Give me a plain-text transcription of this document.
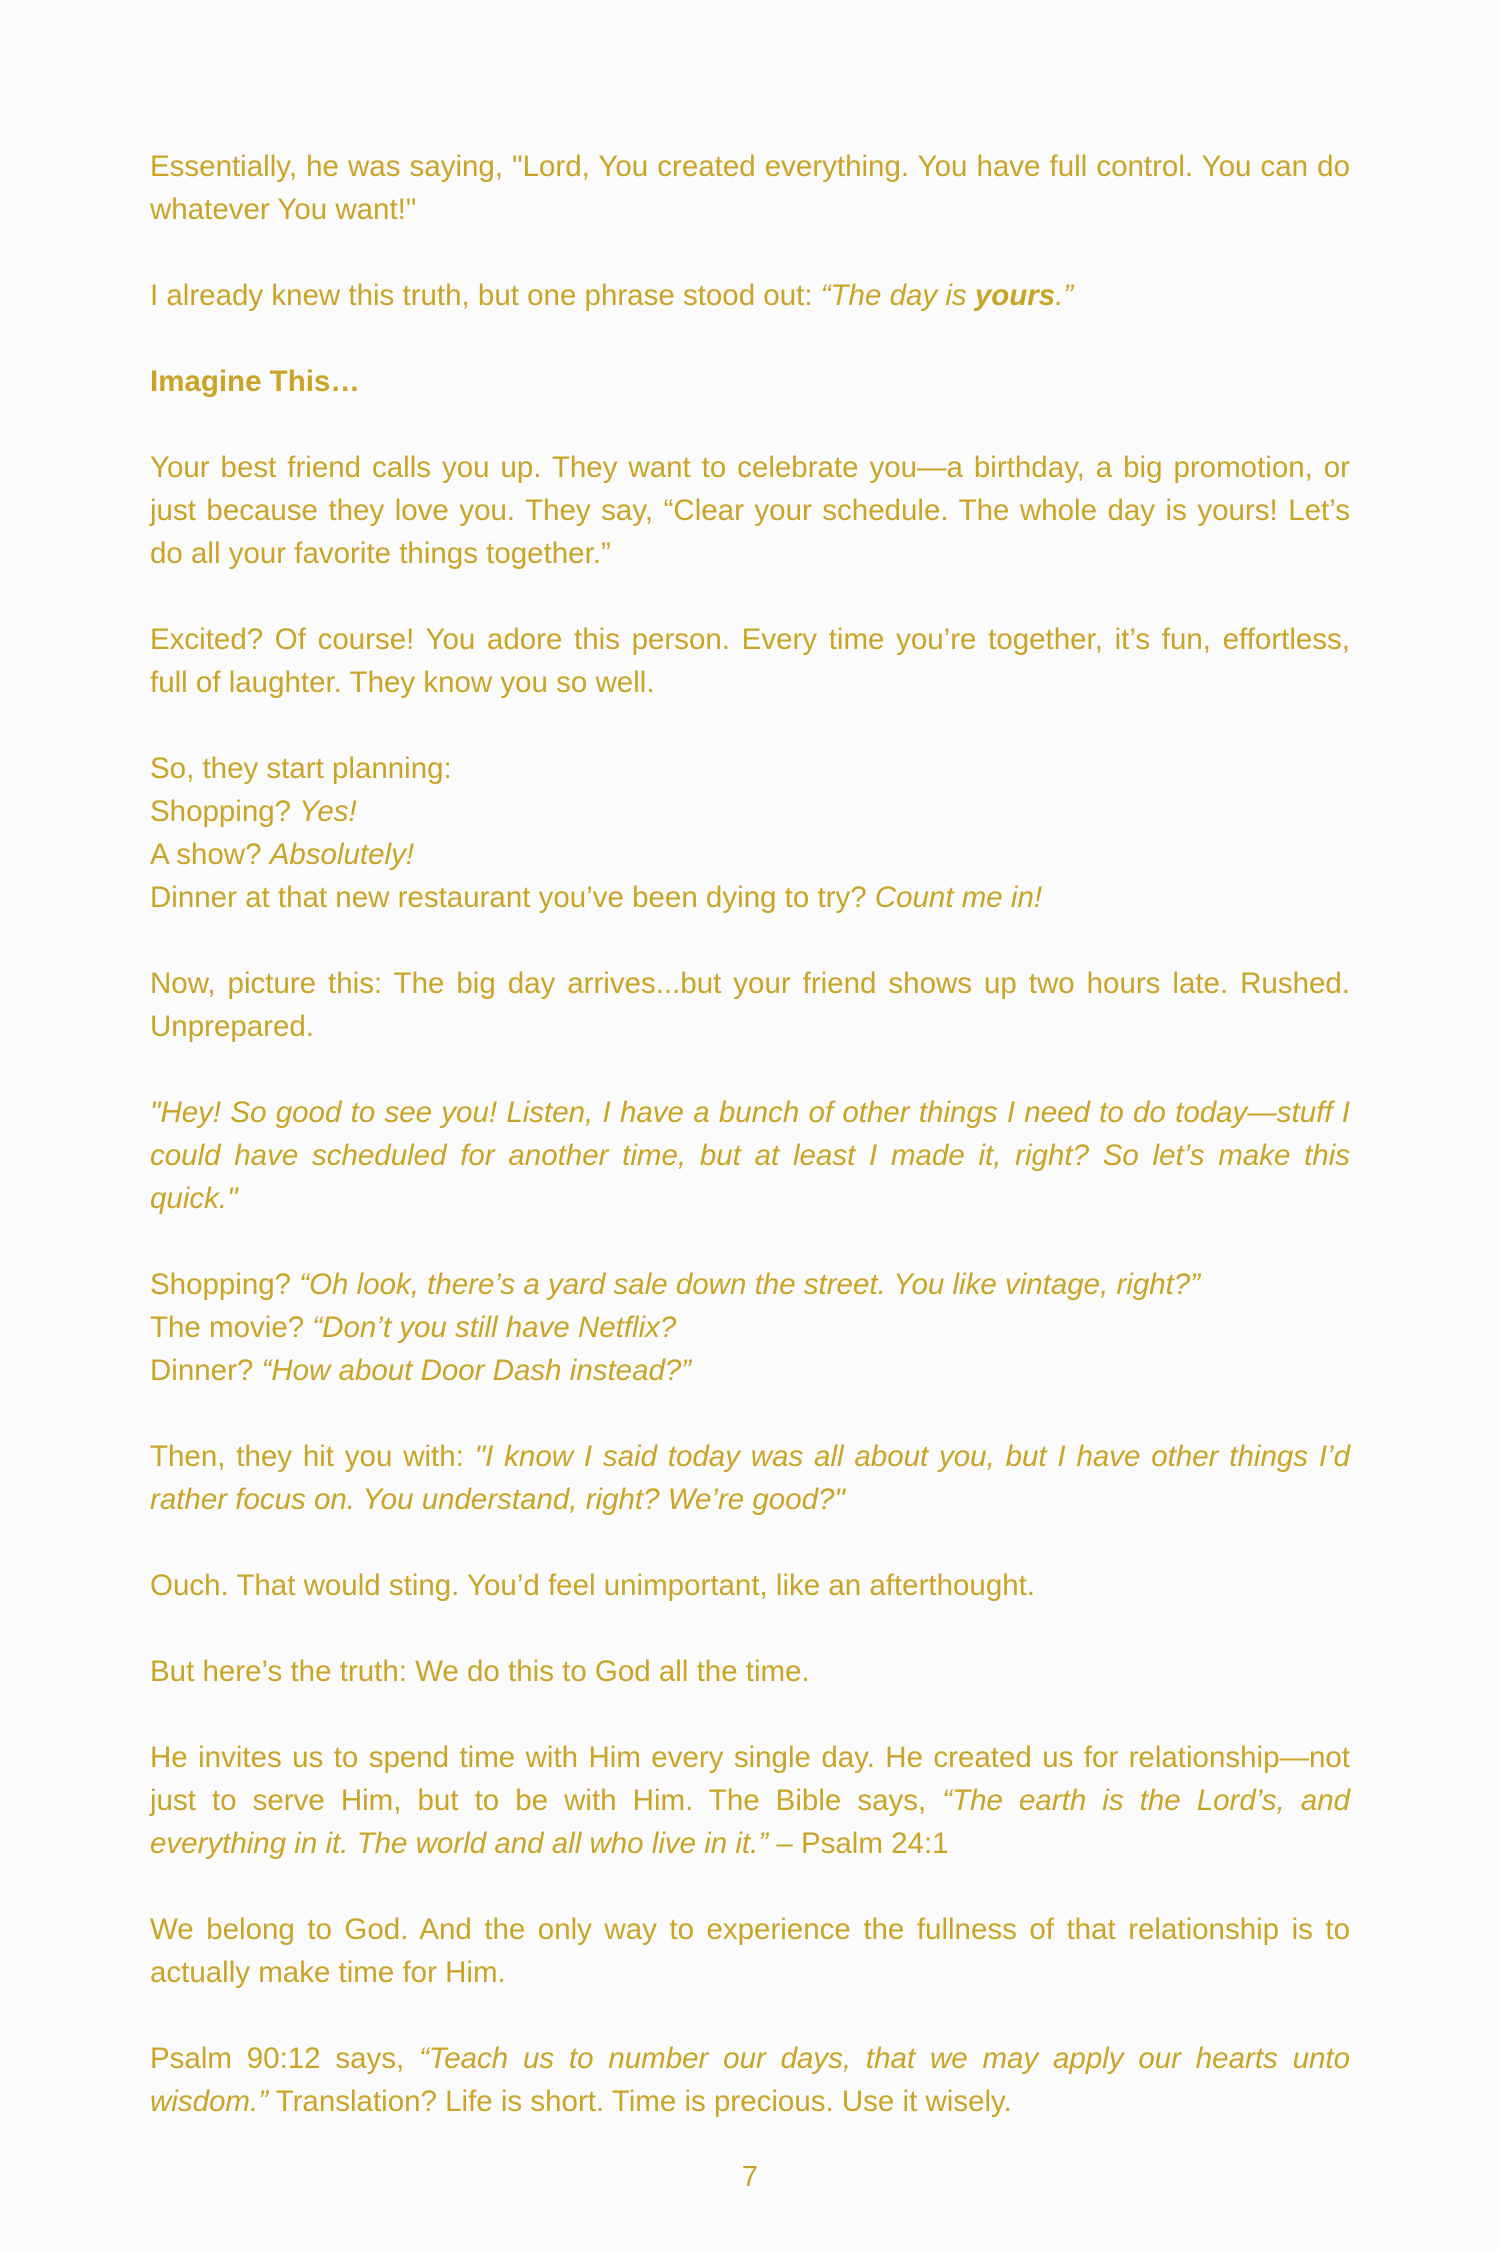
Essentially, he was saying, "Lord, You created everything. You have full control. You can do whatever You want!"

I already knew this truth, but one phrase stood out: “The day is yours.”

Imagine This…

Your best friend calls you up. They want to celebrate you—a birthday, a big promotion, or just because they love you. They say, “Clear your schedule. The whole day is yours! Let’s do all your favorite things together.”

Excited? Of course! You adore this person. Every time you’re together, it’s fun, effortless, full of laughter. They know you so well.

So, they start planning:
Shopping? Yes!
A show? Absolutely!
Dinner at that new restaurant you’ve been dying to try? Count me in!

Now, picture this: The big day arrives...but your friend shows up two hours late. Rushed. Unprepared.

"Hey! So good to see you! Listen, I have a bunch of other things I need to do today—stuff I could have scheduled for another time, but at least I made it, right? So let’s make this quick."

Shopping? “Oh look, there’s a yard sale down the street. You like vintage, right?”
The movie? “Don’t you still have Netflix?
Dinner? “How about Door Dash instead?”

Then, they hit you with: "I know I said today was all about you, but I have other things I’d rather focus on. You understand, right? We’re good?"

Ouch. That would sting. You’d feel unimportant, like an afterthought.

But here’s the truth: We do this to God all the time.

He invites us to spend time with Him every single day. He created us for relationship—not just to serve Him, but to be with Him. The Bible says, “The earth is the Lord’s, and everything in it. The world and all who live in it.” – Psalm 24:1

We belong to God. And the only way to experience the fullness of that relationship is to actually make time for Him.

Psalm 90:12 says, “Teach us to number our days, that we may apply our hearts unto wisdom.” Translation? Life is short. Time is precious. Use it wisely.

7
